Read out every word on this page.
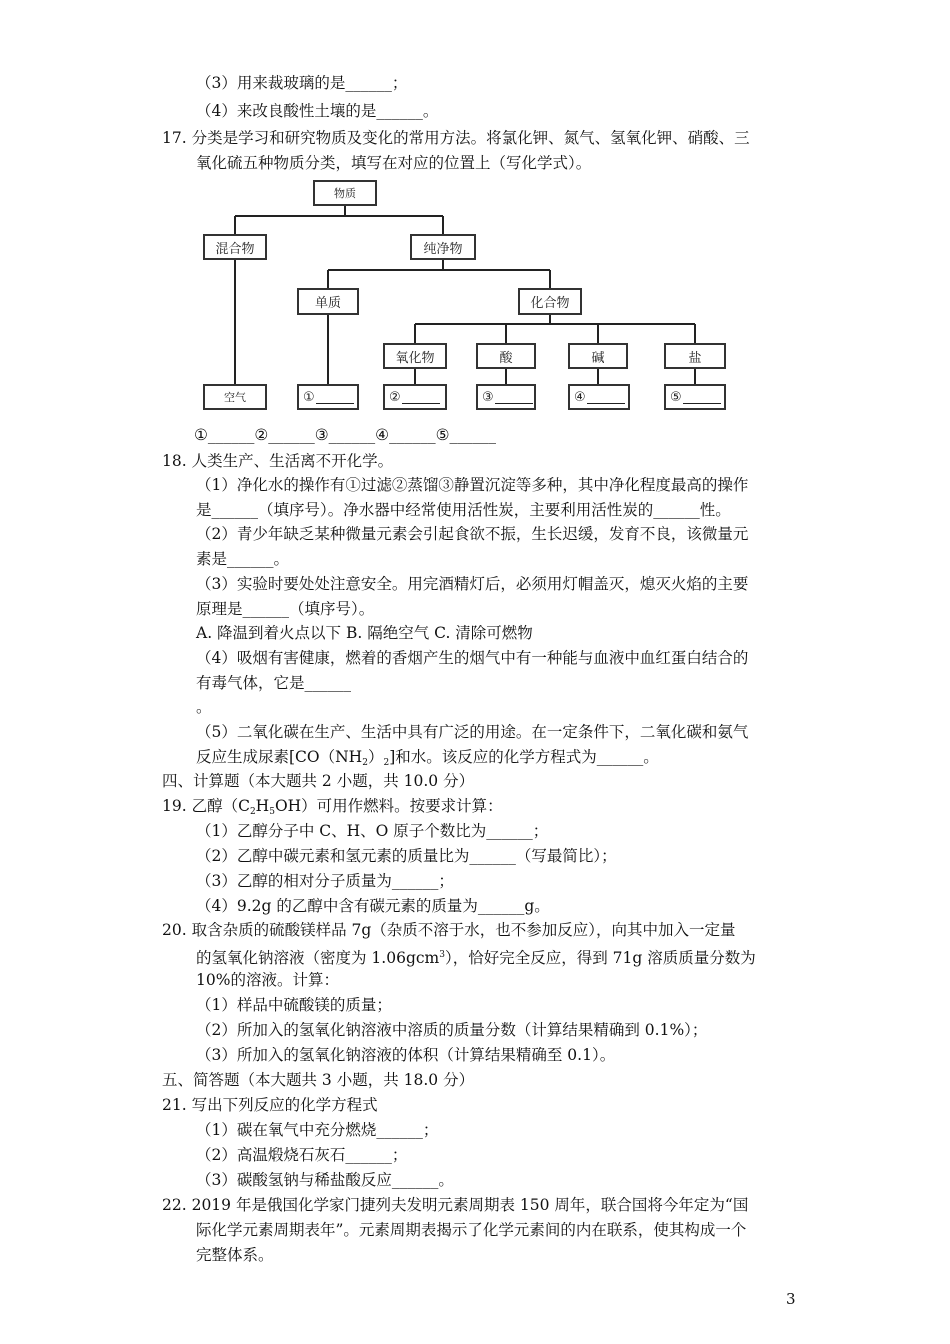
（3）用来裁玻璃的是______；
（4）来改良酸性土壤的是______。
17. 分类是学习和研究物质及变化的常用方法。将氯化钾、氮气、氢氧化钾、硝酸、三
氧化硫五种物质分类，填写在对应的位置上（写化学式）。
物质
混合物	纯净物
单质	化合物
氧化物	酸	碱	盐
空气	①	②	③	④	⑤
①______②______③______④______⑤______
18. 人类生产、生活离不开化学。
（1）净化水的操作有①过滤②蒸馏③静置沉淀等多种，其中净化程度最高的操作
是______（填序号）。净水器中经常使用活性炭，主要利用活性炭的______性。
（2）青少年缺乏某种微量元素会引起食欲不振，生长迟缓，发育不良，该微量元
素是______。
（3）实验时要处处注意安全。用完酒精灯后，必须用灯帽盖灭，熄灭火焰的主要
原理是______（填序号）。
A. 降温到着火点以下 B. 隔绝空气 C. 清除可燃物
（4）吸烟有害健康，燃着的香烟产生的烟气中有一种能与血液中血红蛋白结合的
有毒气体，它是______
。
（5）二氧化碳在生产、生活中具有广泛的用途。在一定条件下，二氧化碳和氨气
反应生成尿素$[CO(NH_2)_2]$和水。该反应的化学方程式为______。
四、计算题（本大题共 2 小题，共 10.0 分）
19. 乙醇$(C_2H_5OH)$可用作燃料。按要求计算：
（1）乙醇分子中 C、H、O 原子个数比为______；
（2）乙醇中碳元素和氢元素的质量比为______（写最简比）；
（3）乙醇的相对分子质量为______；
（4）9.2g 的乙醇中含有碳元素的质量为______g。
20. 取含杂质的硫酸镁样品 7g（杂质不溶于水，也不参加反应），向其中加入一定量
的氢氧化钠溶液（密度为 1.06gcm$^3$），恰好完全反应，得到 71g 溶质质量分数为
10%的溶液。计算：
（1）样品中硫酸镁的质量；
（2）所加入的氢氧化钠溶液中溶质的质量分数（计算结果精确到 0.1%）；
（3）所加入的氢氧化钠溶液的体积（计算结果精确至 0.1）。
五、简答题（本大题共 3 小题，共 18.0 分）
21. 写出下列反应的化学方程式
（1）碳在氧气中充分燃烧______；
（2）高温煅烧石灰石______；
（3）碳酸氢钠与稀盐酸反应______。
22. 2019 年是俄国化学家门捷列夫发明元素周期表 150 周年，联合国将今年定为“国
际化学元素周期表年”。元素周期表揭示了化学元素间的内在联系，使其构成一个
完整体系。
3
